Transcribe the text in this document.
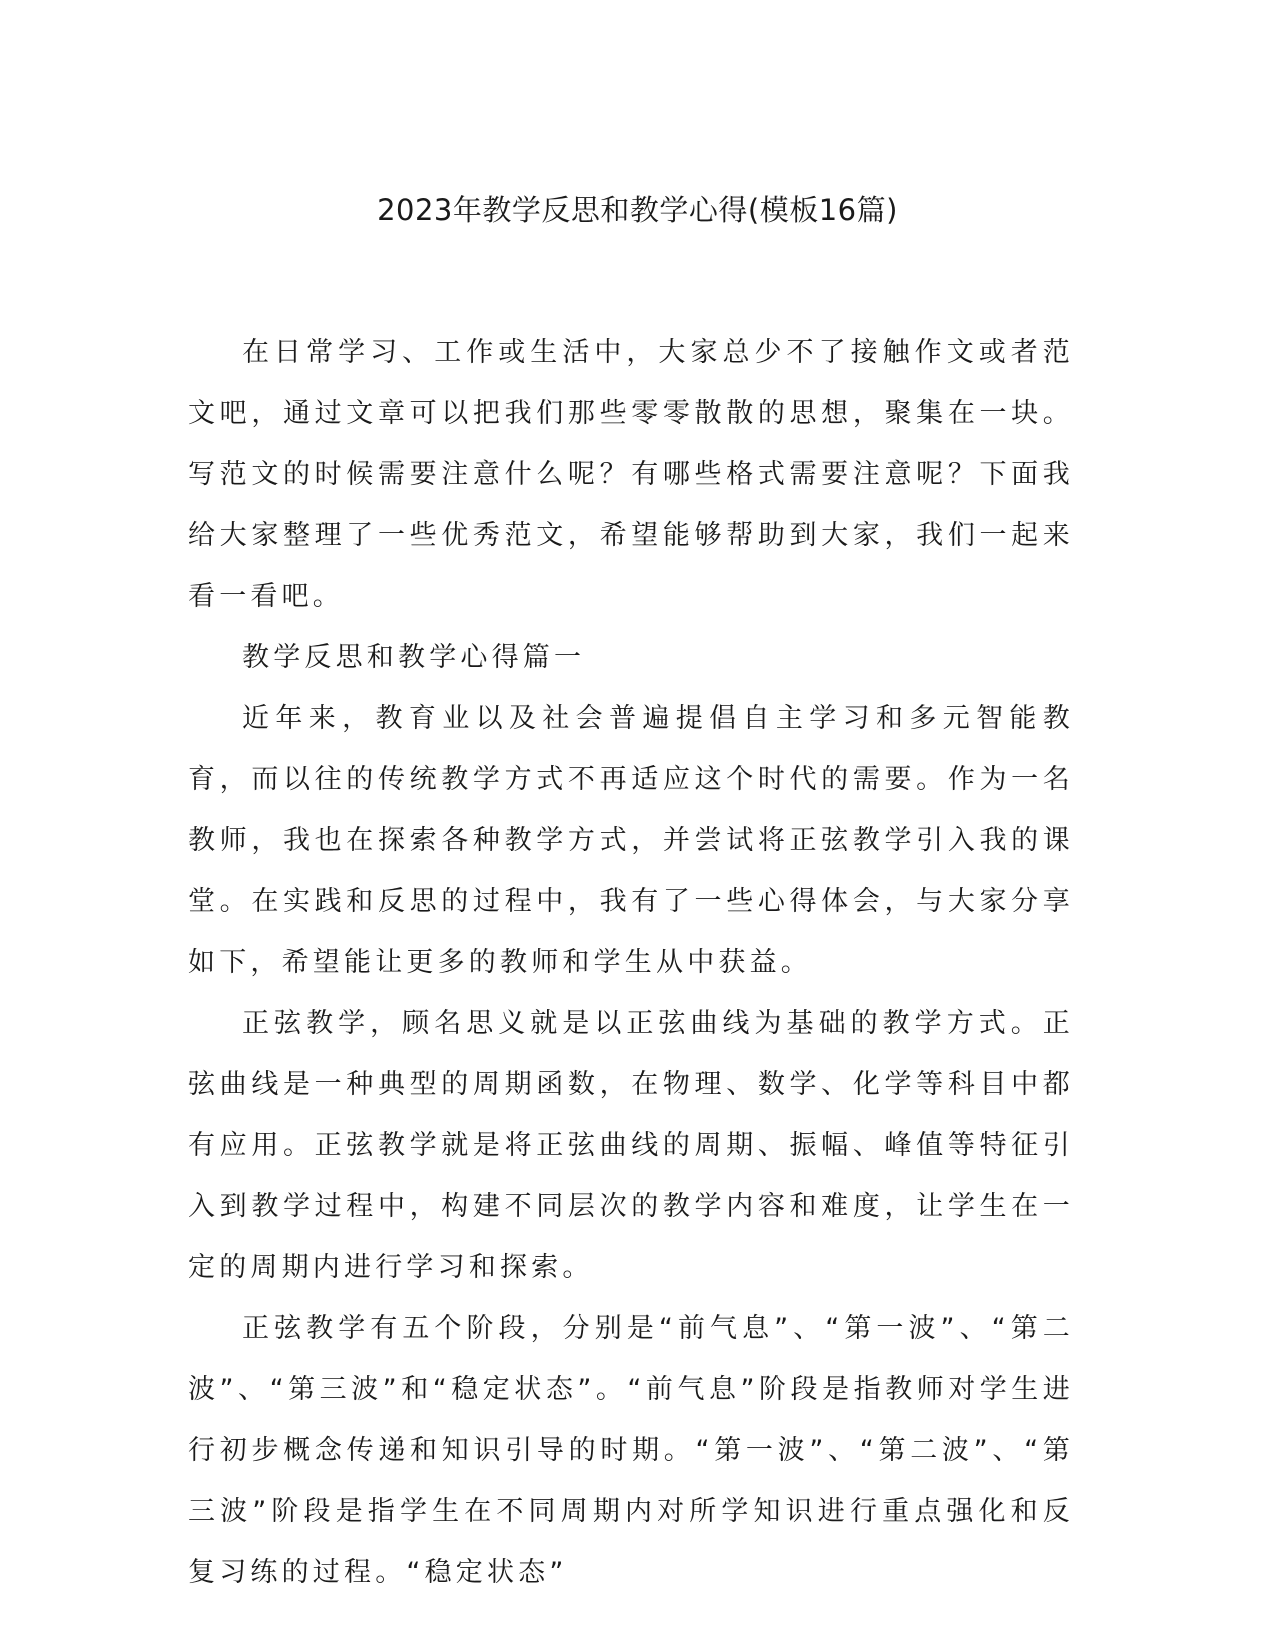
2023年教学反思和教学心得(模板16篇)

在日常学习、工作或生活中，大家总少不了接触作文或者范文吧，通过文章可以把我们那些零零散散的思想，聚集在一块。写范文的时候需要注意什么呢？有哪些格式需要注意呢？下面我给大家整理了一些优秀范文，希望能够帮助到大家，我们一起来看一看吧。

教学反思和教学心得篇一

近年来，教育业以及社会普遍提倡自主学习和多元智能教育，而以往的传统教学方式不再适应这个时代的需要。作为一名教师，我也在探索各种教学方式，并尝试将正弦教学引入我的课堂。在实践和反思的过程中，我有了一些心得体会，与大家分享如下，希望能让更多的教师和学生从中获益。

正弦教学，顾名思义就是以正弦曲线为基础的教学方式。正弦曲线是一种典型的周期函数，在物理、数学、化学等科目中都有应用。正弦教学就是将正弦曲线的周期、振幅、峰值等特征引入到教学过程中，构建不同层次的教学内容和难度，让学生在一定的周期内进行学习和探索。

正弦教学有五个阶段，分别是“前气息”、“第一波”、“第二波”、“第三波”和“稳定状态”。“前气息”阶段是指教师对学生进行初步概念传递和知识引导的时期。“第一波”、“第二波”、“第三波”阶段是指学生在不同周期内对所学知识进行重点强化和反复习练的过程。“稳定状态”
